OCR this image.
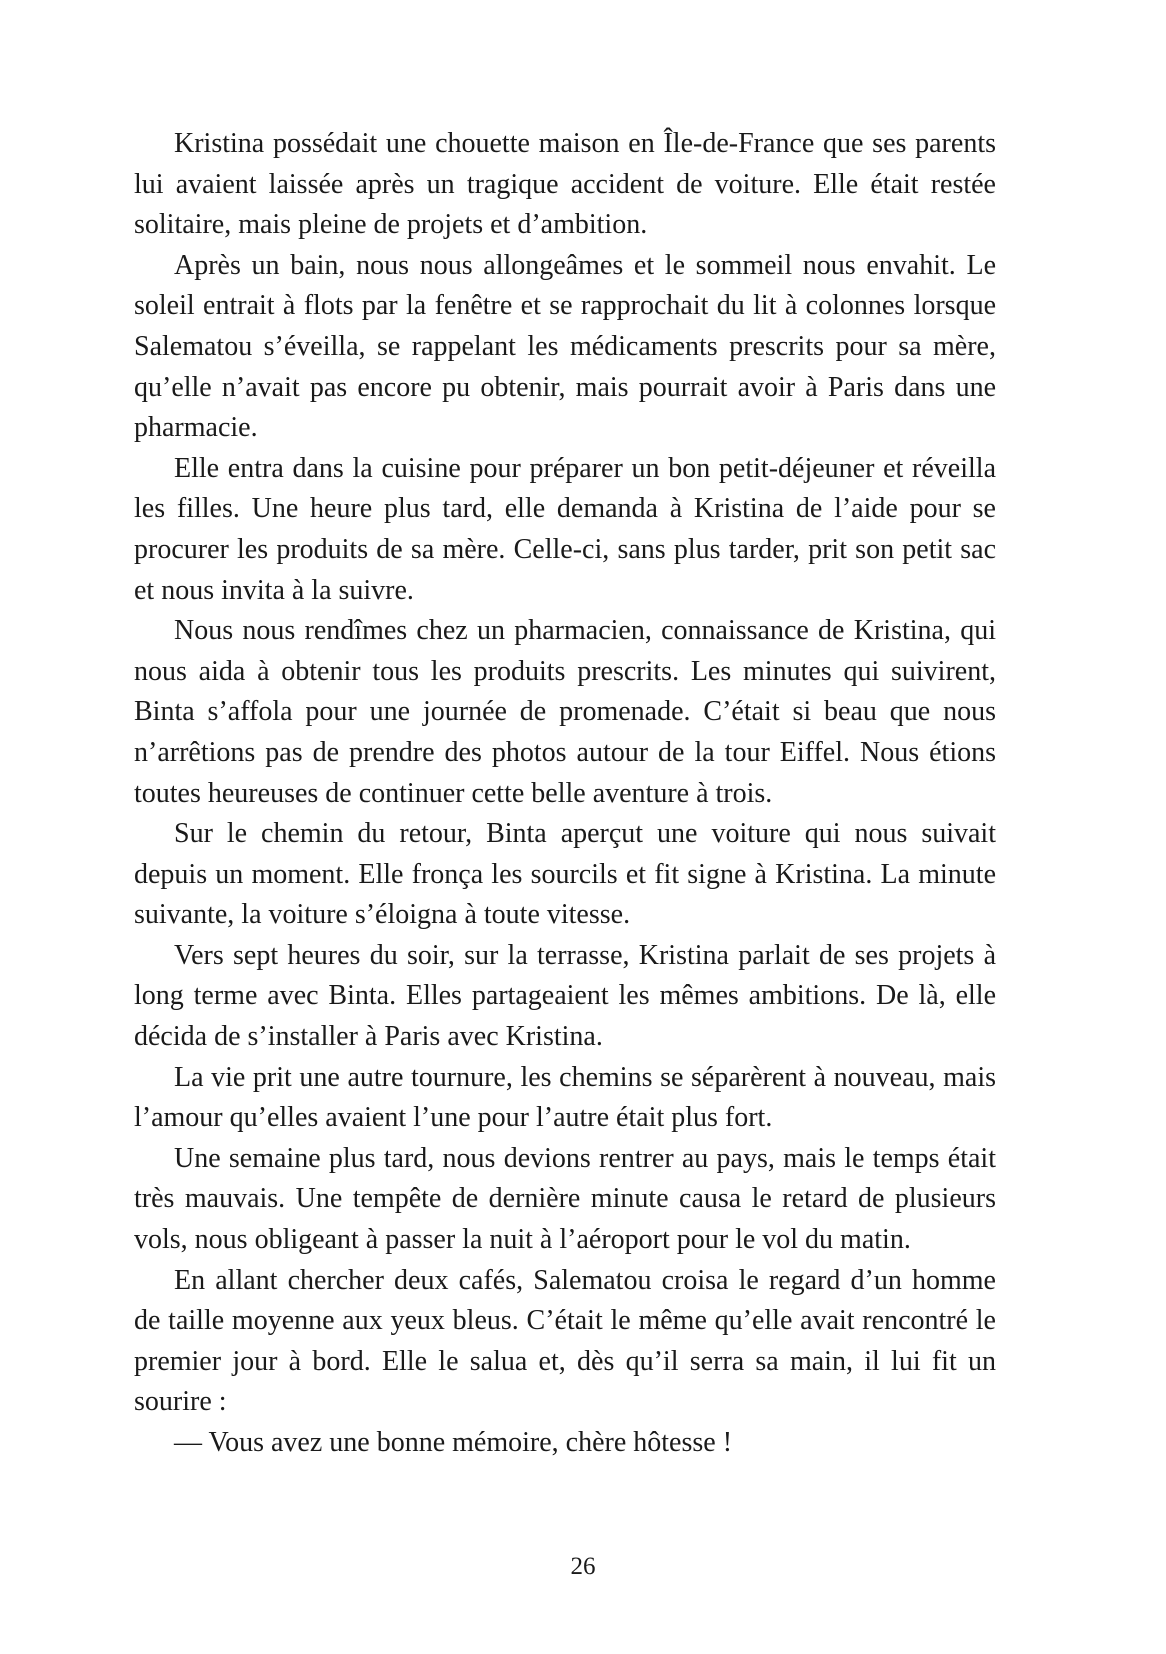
Kristina possédait une chouette maison en Île-de-France que ses parents lui avaient laissée après un tragique accident de voiture. Elle était restée solitaire, mais pleine de projets et d’ambition.

Après un bain, nous nous allongeâmes et le sommeil nous envahit. Le soleil entrait à flots par la fenêtre et se rapprochait du lit à colonnes lorsque Salematou s’éveilla, se rappelant les médicaments prescrits pour sa mère, qu’elle n’avait pas encore pu obtenir, mais pourrait avoir à Paris dans une pharmacie.

Elle entra dans la cuisine pour préparer un bon petit-déjeuner et réveilla les filles. Une heure plus tard, elle demanda à Kristina de l’aide pour se procurer les produits de sa mère. Celle-ci, sans plus tarder, prit son petit sac et nous invita à la suivre.

Nous nous rendîmes chez un pharmacien, connaissance de Kristina, qui nous aida à obtenir tous les produits prescrits. Les minutes qui suivirent, Binta s’affola pour une journée de promenade. C’était si beau que nous n’arrêtions pas de prendre des photos autour de la tour Eiffel. Nous étions toutes heureuses de continuer cette belle aventure à trois.

Sur le chemin du retour, Binta aperçut une voiture qui nous suivait depuis un moment. Elle fronça les sourcils et fit signe à Kristina. La minute suivante, la voiture s’éloigna à toute vitesse.

Vers sept heures du soir, sur la terrasse, Kristina parlait de ses projets à long terme avec Binta. Elles partageaient les mêmes ambitions. De là, elle décida de s’installer à Paris avec Kristina.

La vie prit une autre tournure, les chemins se séparèrent à nouveau, mais l’amour qu’elles avaient l’une pour l’autre était plus fort.

Une semaine plus tard, nous devions rentrer au pays, mais le temps était très mauvais. Une tempête de dernière minute causa le retard de plusieurs vols, nous obligeant à passer la nuit à l’aéroport pour le vol du matin.

En allant chercher deux cafés, Salematou croisa le regard d’un homme de taille moyenne aux yeux bleus. C’était le même qu’elle avait rencontré le premier jour à bord. Elle le salua et, dès qu’il serra sa main, il lui fit un sourire :

— Vous avez une bonne mémoire, chère hôtesse !

26
